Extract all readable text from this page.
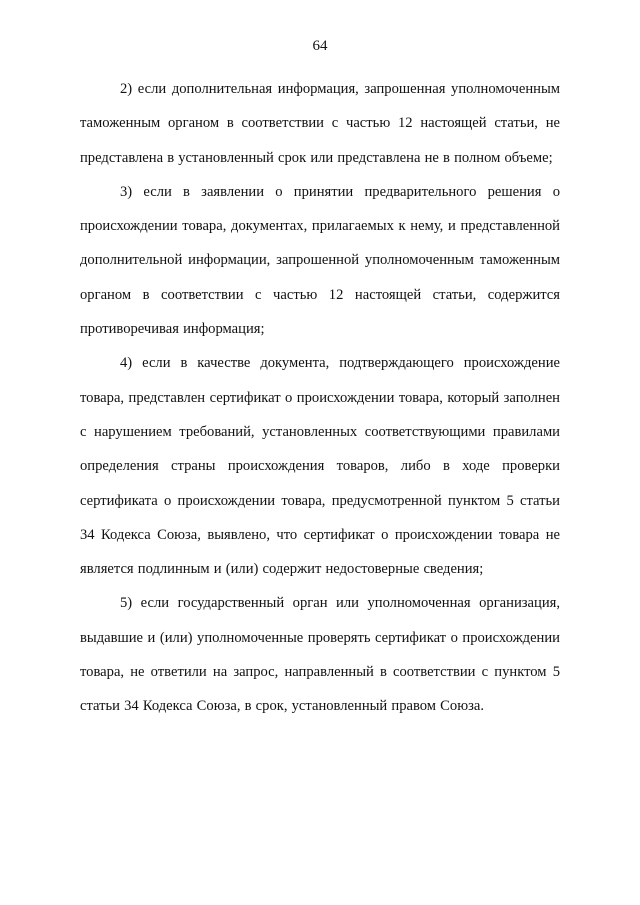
64

2) если дополнительная информация, запрошенная уполномоченным таможенным органом в соответствии с частью 12 настоящей статьи, не представлена в установленный срок или представлена не в полном объеме;

3) если в заявлении о принятии предварительного решения о происхождении товара, документах, прилагаемых к нему, и представленной дополнительной информации, запрошенной уполномоченным таможенным органом в соответствии с частью 12 настоящей статьи, содержится противоречивая информация;

4) если в качестве документа, подтверждающего происхождение товара, представлен сертификат о происхождении товара, который заполнен с нарушением требований, установленных соответствующими правилами определения страны происхождения товаров, либо в ходе проверки сертификата о происхождении товара, предусмотренной пунктом 5 статьи 34 Кодекса Союза, выявлено, что сертификат о происхождении товара не является подлинным и (или) содержит недостоверные сведения;

5) если государственный орган или уполномоченная организация, выдавшие и (или) уполномоченные проверять сертификат о происхождении товара, не ответили на запрос, направленный в соответствии с пунктом 5 статьи 34 Кодекса Союза, в срок, установленный правом Союза.
